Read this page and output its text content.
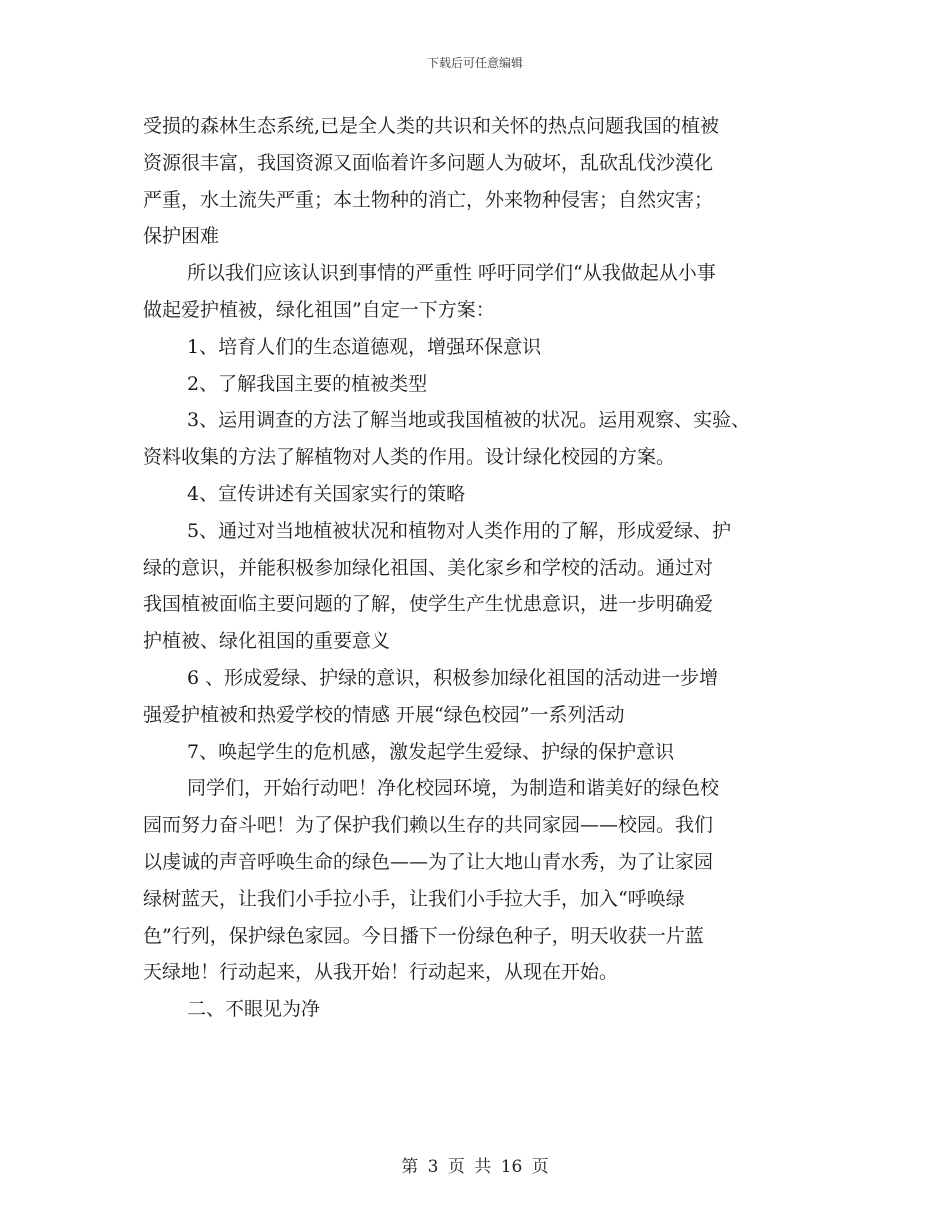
下载后可任意编辑
受损的森林生态系统,已是全人类的共识和关怀的热点问题我国的植被
资源很丰富，我国资源又面临着许多问题人为破坏，乱砍乱伐沙漠化
严重，水土流失严重；本土物种的消亡，外来物种侵害；自然灾害；
保护困难
所以我们应该认识到事情的严重性 呼吁同学们“从我做起从小事
做起爱护植被，绿化祖国”自定一下方案：
1、培育人们的生态道德观，增强环保意识
2、了解我国主要的植被类型
3、运用调查的方法了解当地或我国植被的状况。运用观察、实验、
资料收集的方法了解植物对人类的作用。设计绿化校园的方案。
4、宣传讲述有关国家实行的策略
5、通过对当地植被状况和植物对人类作用的了解，形成爱绿、护
绿的意识，并能积极参加绿化祖国、美化家乡和学校的活动。通过对
我国植被面临主要问题的了解，使学生产生忧患意识，进一步明确爱
护植被、绿化祖国的重要意义
6 、形成爱绿、护绿的意识，积极参加绿化祖国的活动进一步增
强爱护植被和热爱学校的情感 开展“绿色校园”一系列活动
7、唤起学生的危机感，激发起学生爱绿、护绿的保护意识
同学们，开始行动吧！净化校园环境，为制造和谐美好的绿色校
园而努力奋斗吧！为了保护我们赖以生存的共同家园——校园。我们
以虔诚的声音呼唤生命的绿色——为了让大地山青水秀，为了让家园
绿树蓝天，让我们小手拉小手，让我们小手拉大手，加入“呼唤绿
色”行列，保护绿色家园。今日播下一份绿色种子，明天收获一片蓝
天绿地！行动起来，从我开始！行动起来，从现在开始。
二、不眼见为净
第 3 页 共 16 页
